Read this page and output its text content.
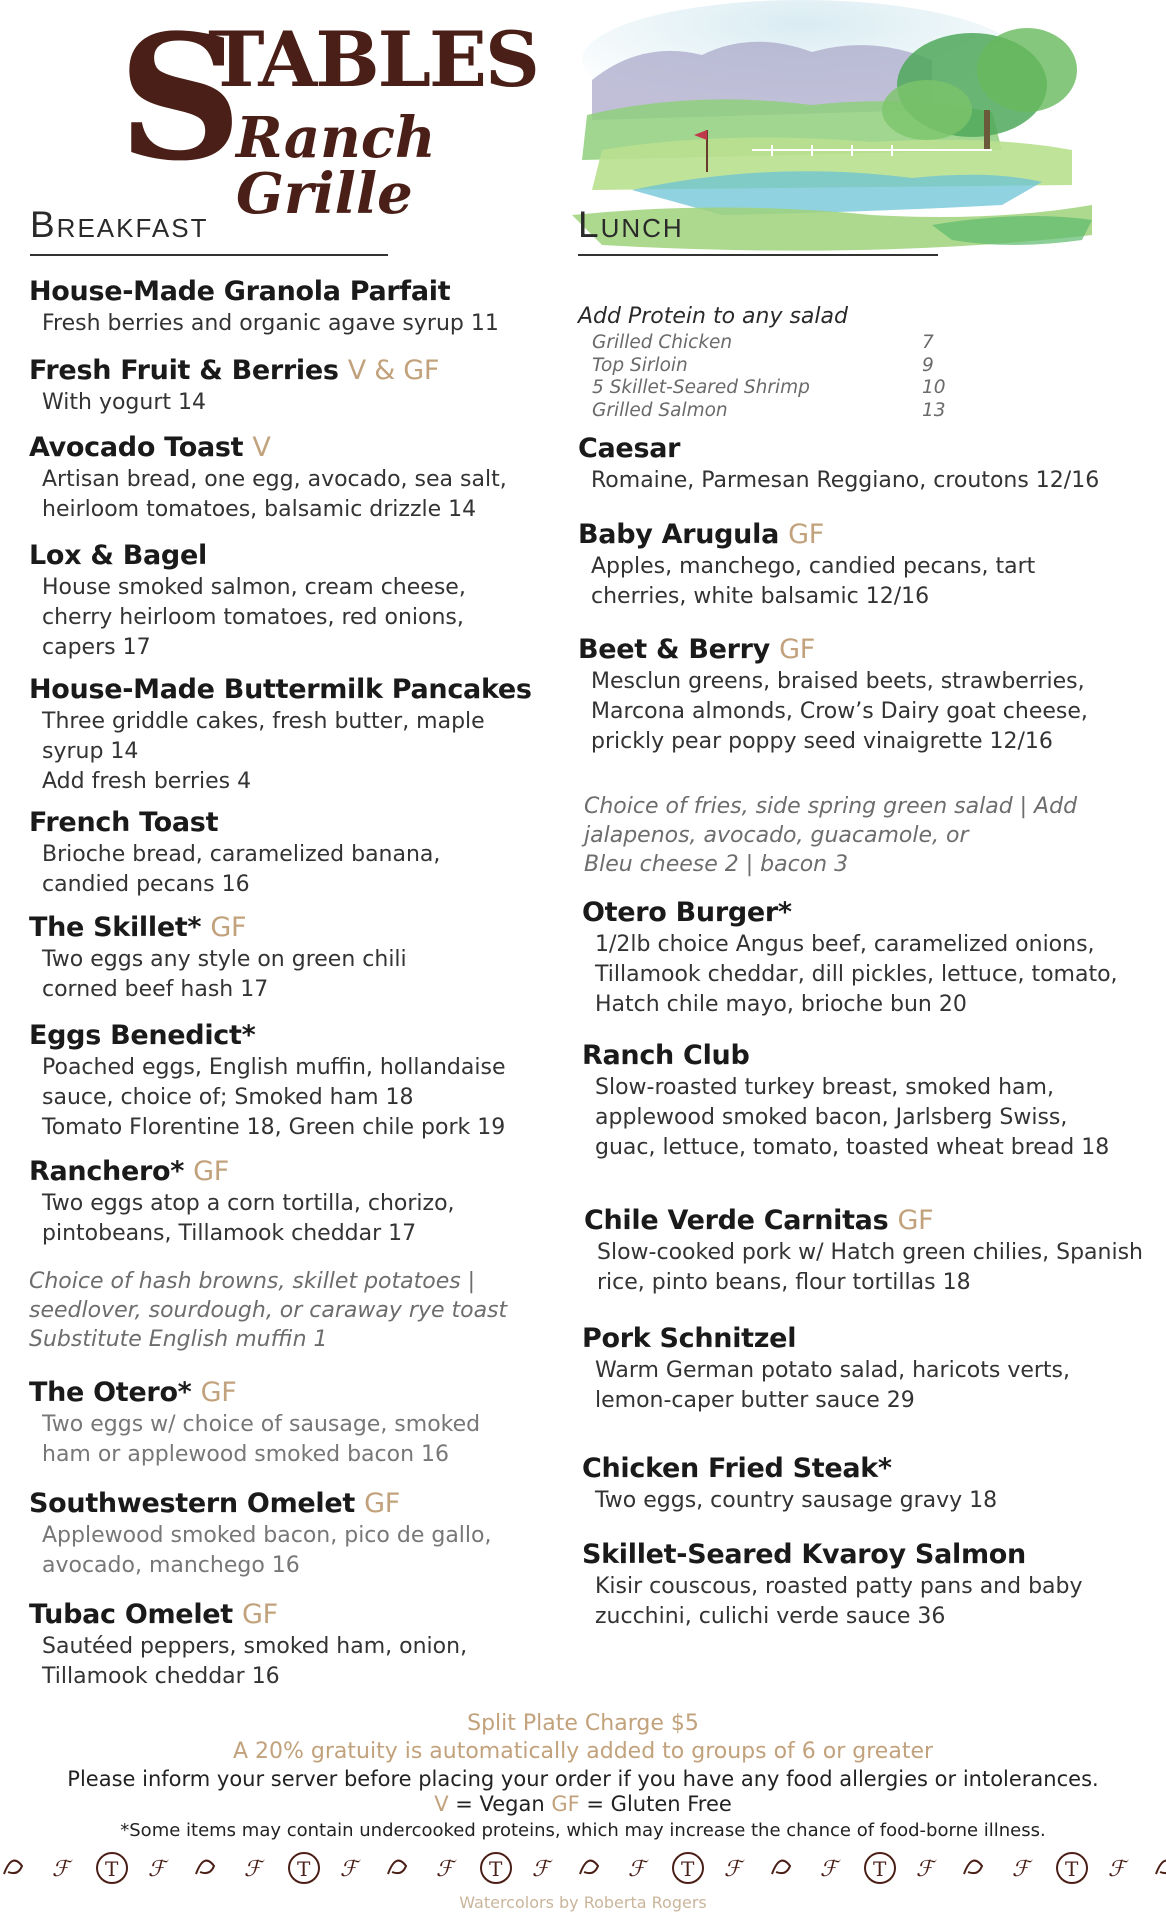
S
TABLES
Ranch Grille
Breakfast	Lunch
House-Made Granola Parfait
Fresh berries and organic agave syrup 11
Fresh Fruit & Berries V & GF
With yogurt 14
Avocado Toast V
Artisan bread, one egg, avocado, sea salt,
heirloom tomatoes, balsamic drizzle 14
Lox & Bagel
House smoked salmon, cream cheese,
cherry heirloom tomatoes, red onions,
capers 17
House-Made Buttermilk Pancakes
Three griddle cakes, fresh butter, maple
syrup 14
Add fresh berries 4
French Toast
Brioche bread, caramelized banana,
candied pecans 16
The Skillet* GF
Two eggs any style on green chili
corned beef hash 17
Eggs Benedict*
Poached eggs, English muffin, hollandaise
sauce, choice of; Smoked ham 18
Tomato Florentine 18, Green chile pork 19
Ranchero* GF
Two eggs atop a corn tortilla, chorizo,
pintobeans, Tillamook cheddar 17
Choice of hash browns, skillet potatoes |
seedlover, sourdough, or caraway rye toast
Substitute English muffin 1
The Otero* GF
Two eggs w/ choice of sausage, smoked
ham or applewood smoked bacon 16
Southwestern Omelet GF
Applewood smoked bacon, pico de gallo,
avocado, manchego 16
Tubac Omelet GF
Sautéed peppers, smoked ham, onion,
Tillamook cheddar 16
Add Protein to any salad
Grilled Chicken	7
Top Sirloin	9
5 Skillet-Seared Shrimp	10
Grilled Salmon	13
Caesar
Romaine, Parmesan Reggiano, croutons 12/16
Baby Arugula GF
Apples, manchego, candied pecans, tart
cherries, white balsamic 12/16
Beet & Berry GF
Mesclun greens, braised beets, strawberries,
Marcona almonds, Crow’s Dairy goat cheese,
prickly pear poppy seed vinaigrette 12/16
Choice of fries, side spring green salad | Add
jalapenos, avocado, guacamole, or
Bleu cheese 2 | bacon 3
Otero Burger*
1/2lb choice Angus beef, caramelized onions,
Tillamook cheddar, dill pickles, lettuce, tomato,
Hatch chile mayo, brioche bun 20
Ranch Club
Slow-roasted turkey breast, smoked ham,
applewood smoked bacon, Jarlsberg Swiss,
guac, lettuce, tomato, toasted wheat bread 18
Chile Verde Carnitas GF
Slow-cooked pork w/ Hatch green chilies, Spanish
rice, pinto beans, flour tortillas 18
Pork Schnitzel
Warm German potato salad, haricots verts,
lemon-caper butter sauce 29
Chicken Fried Steak*
Two eggs, country sausage gravy 18
Skillet-Seared Kvaroy Salmon
Kisir couscous, roasted patty pans and baby
zucchini, culichi verde sauce 36
Split Plate Charge $5
A 20% gratuity is automatically added to groups of 6 or greater
Please inform your server before placing your order if you have any food allergies or intolerances.
V = Vegan GF = Gluten Free
*Some items may contain undercooked proteins, which may increase the chance of food-borne illness.
ℱ T ℱ	ℱ T ℱ	ℱ T ℱ	ℱ T ℱ	ℱ T ℱ	ℱ T ℱ
Watercolors by Roberta Rogers
